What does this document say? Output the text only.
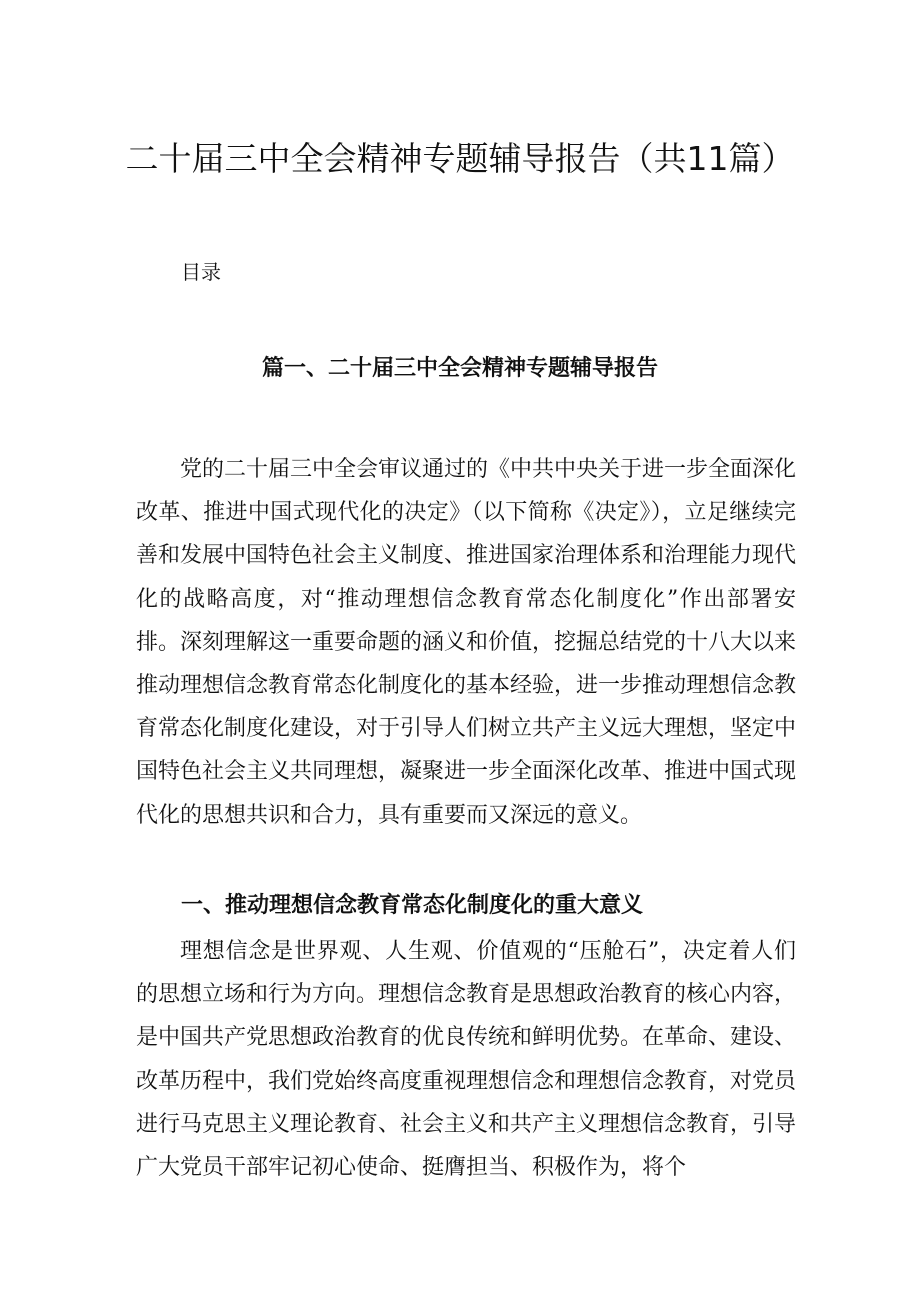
二十届三中全会精神专题辅导报告（共11篇）

目录

篇一、二十届三中全会精神专题辅导报告

党的二十届三中全会审议通过的《中共中央关于进一步全面深化改革、推进中国式现代化的决定》（以下简称《决定》），立足继续完善和发展中国特色社会主义制度、推进国家治理体系和治理能力现代化的战略高度，对“推动理想信念教育常态化制度化”作出部署安排。深刻理解这一重要命题的涵义和价值，挖掘总结党的十八大以来推动理想信念教育常态化制度化的基本经验，进一步推动理想信念教育常态化制度化建设，对于引导人们树立共产主义远大理想，坚定中国特色社会主义共同理想，凝聚进一步全面深化改革、推进中国式现代化的思想共识和合力，具有重要而又深远的意义。

一、推动理想信念教育常态化制度化的重大意义

理想信念是世界观、人生观、价值观的“压舱石”，决定着人们的思想立场和行为方向。理想信念教育是思想政治教育的核心内容，是中国共产党思想政治教育的优良传统和鲜明优势。在革命、建设、改革历程中，我们党始终高度重视理想信念和理想信念教育，对党员进行马克思主义理论教育、社会主义和共产主义理想信念教育，引导广大党员干部牢记初心使命、挺膺担当、积极作为，将个
